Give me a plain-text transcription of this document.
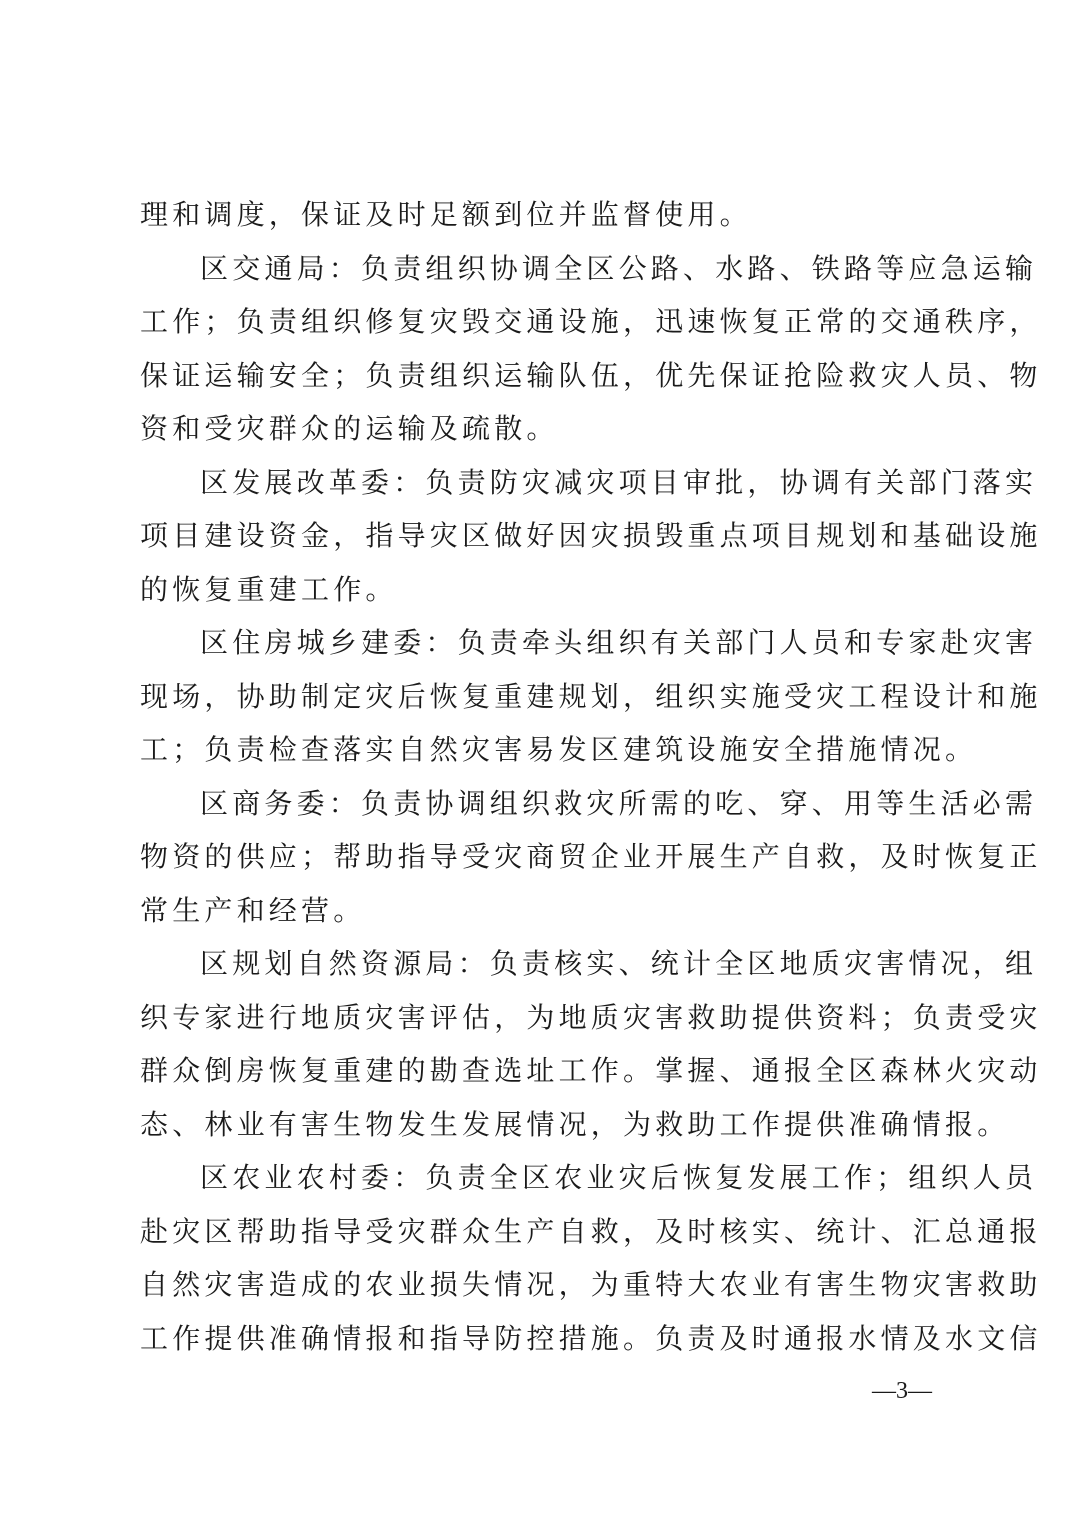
理和调度，保证及时足额到位并监督使用。
区交通局：负责组织协调全区公路、水路、铁路等应急运输
工作；负责组织修复灾毁交通设施，迅速恢复正常的交通秩序，
保证运输安全；负责组织运输队伍，优先保证抢险救灾人员、物
资和受灾群众的运输及疏散。
区发展改革委：负责防灾减灾项目审批，协调有关部门落实
项目建设资金，指导灾区做好因灾损毁重点项目规划和基础设施
的恢复重建工作。
区住房城乡建委：负责牵头组织有关部门人员和专家赴灾害
现场，协助制定灾后恢复重建规划，组织实施受灾工程设计和施
工；负责检查落实自然灾害易发区建筑设施安全措施情况。
区商务委：负责协调组织救灾所需的吃、穿、用等生活必需
物资的供应；帮助指导受灾商贸企业开展生产自救，及时恢复正
常生产和经营。
区规划自然资源局：负责核实、统计全区地质灾害情况，组
织专家进行地质灾害评估，为地质灾害救助提供资料；负责受灾
群众倒房恢复重建的勘查选址工作。掌握、通报全区森林火灾动
态、林业有害生物发生发展情况，为救助工作提供准确情报。
区农业农村委：负责全区农业灾后恢复发展工作；组织人员
赴灾区帮助指导受灾群众生产自救，及时核实、统计、汇总通报
自然灾害造成的农业损失情况，为重特大农业有害生物灾害救助
工作提供准确情报和指导防控措施。负责及时通报水情及水文信
—3—
